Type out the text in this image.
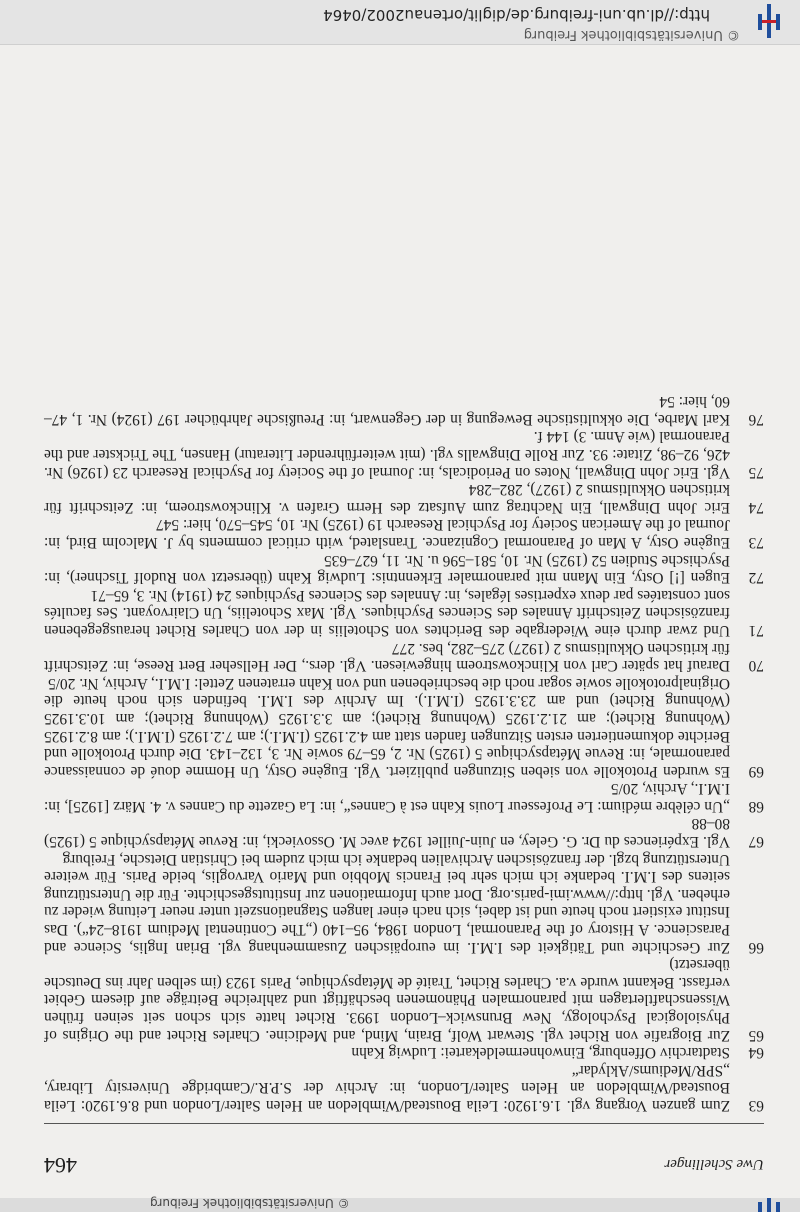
Uwe Schellinger
464

63
Zum ganzen Vorgang vgl. 1.6.1920: Leila Boustead/Wimbledon an Helen Salter/London und 8.6.1920: Leila Boustead/Wimbledon an Helen Salter/London, in: Archiv der S.P.R./Cambridge University Library, „SPR/Mediums/Aklydar“

64
Stadtarchiv Offenburg, Einwohnermeldekartei: Ludwig Kahn

65
Zur Biografie von Richet vgl. Stewart Wolf, Brain, Mind, and Medicine. Charles Richet and the Origins of Physiological Psychology, New Brunswick–London 1993. Richet hatte sich schon seit seinen frühen Wissenschaftlertagen mit paranormalen Phänomenen beschäftigt und zahlreiche Beiträge auf diesem Gebiet verfasst. Bekannt wurde v.a. Charles Richet, Traité de Métapsychique, Paris 1923 (im selben Jahr ins Deutsche übersetzt)

66
Zur Geschichte und Tätigkeit des I.M.I. im europäischen Zusammenhang vgl. Brian Inglis, Science and Parascience. A History of the Paranormal, London 1984, 95–140 („The Continental Medium 1918–24“). Das Institut existiert noch heute und ist dabei, sich nach einer langen Stagnationszeit unter neuer Leitung wieder zu erheben. Vgl. http://www.imi-paris.org. Dort auch Informationen zur Institutsgeschichte. Für die Unterstützung seitens des I.M.I. bedanke ich mich sehr bei Francis Mobbio und Mario Varvoglis, beide Paris. Für weitere Unterstützung bzgl. der französischen Archivalien bedanke ich mich zudem bei Christian Dietsche, Freiburg

67
Vgl. Expériences du Dr. G. Geley, en Juin-Juillet 1924 avec M. Ossoviecki, in: Revue Métapsychique 5 (1925) 80–88

68
„Un célèbre médium: Le Professeur Louis Kahn est à Cannes“, in: La Gazette du Cannes v. 4. März [1925], in: I.M.I., Archiv, 20/5

69
Es wurden Protokolle von sieben Sitzungen publiziert. Vgl. Eugène Osty, Un Homme doué de connaissance paranormale, in: Revue Métapsychique 5 (1925) Nr. 2, 65–79 sowie Nr. 3, 132–143. Die durch Protokolle und Berichte dokumentierten ersten Sitzungen fanden statt am 4.2.1925 (I.M.I.); am 7.2.1925 (I.M.I.); am 8.2.1925 (Wohnung Richet); am 21.2.1925 (Wohnung Richet); am 3.3.1925 (Wohnung Richet); am 10.3.1925 (Wohnung Richet) und am 23.3.1925 (I.M.I.). Im Archiv des I.M.I. befinden sich noch heute die Originalprotokolle sowie sogar noch die beschriebenen und von Kahn erratenen Zettel: I.M.I., Archiv, Nr. 20/5

70
Darauf hat später Carl von Klinckowstroem hingewiesen. Vgl. ders., Der Hellseher Bert Reese, in: Zeitschrift für kritischen Okkultismus 2 (1927) 275–282, bes. 277

71
Und zwar durch eine Wiedergabe des Berichtes von Schoteliis in der von Charles Richet herausgegebenen französischen Zeitschrift Annales des Sciences Psychiques. Vgl. Max Schoteliis, Un Clairvoyant. Ses facultés sont constatées par deux expertises légales, in: Annales des Sciences Psychiques 24 (1914) Nr. 3, 65–71

72
Eugen [!] Osty, Ein Mann mit paranormaler Erkenntnis: Ludwig Kahn (übersetzt von Rudolf Tischner), in: Psychische Studien 52 (1925) Nr. 10, 581–596 u. Nr. 11, 627–635

73
Eugène Osty, A Man of Paranormal Cognizance. Translated, with critical comments by J. Malcolm Bird, in: Journal of the American Society for Psychical Research 19 (1925) Nr. 10, 545–570, hier: 547

74
Eric John Dingwall, Ein Nachtrag zum Aufsatz des Herrn Grafen v. Klinckowstroem, in: Zeitschrift für kritischen Okkultismus 2 (1927), 282–284

75
Vgl. Eric John Dingwall, Notes on Periodicals, in: Journal of the Society for Psychical Research 23 (1926) Nr. 426, 92–98, Zitate: 93. Zur Rolle Dingwalls vgl. (mit weiterführender Literatur) Hansen, The Trickster and the Paranormal (wie Anm. 3) 144 f.

76
Karl Marbe, Die okkultistische Bewegung in der Gegenwart, in: Preußische Jahrbücher 197 (1924) Nr. 1, 47–60, hier: 54

© Universitätsbibliothek Freiburg
http://dl.ub.uni-freiburg.de/diglit/ortenau2002/0464
© Universitätsbibliothek Freiburg
